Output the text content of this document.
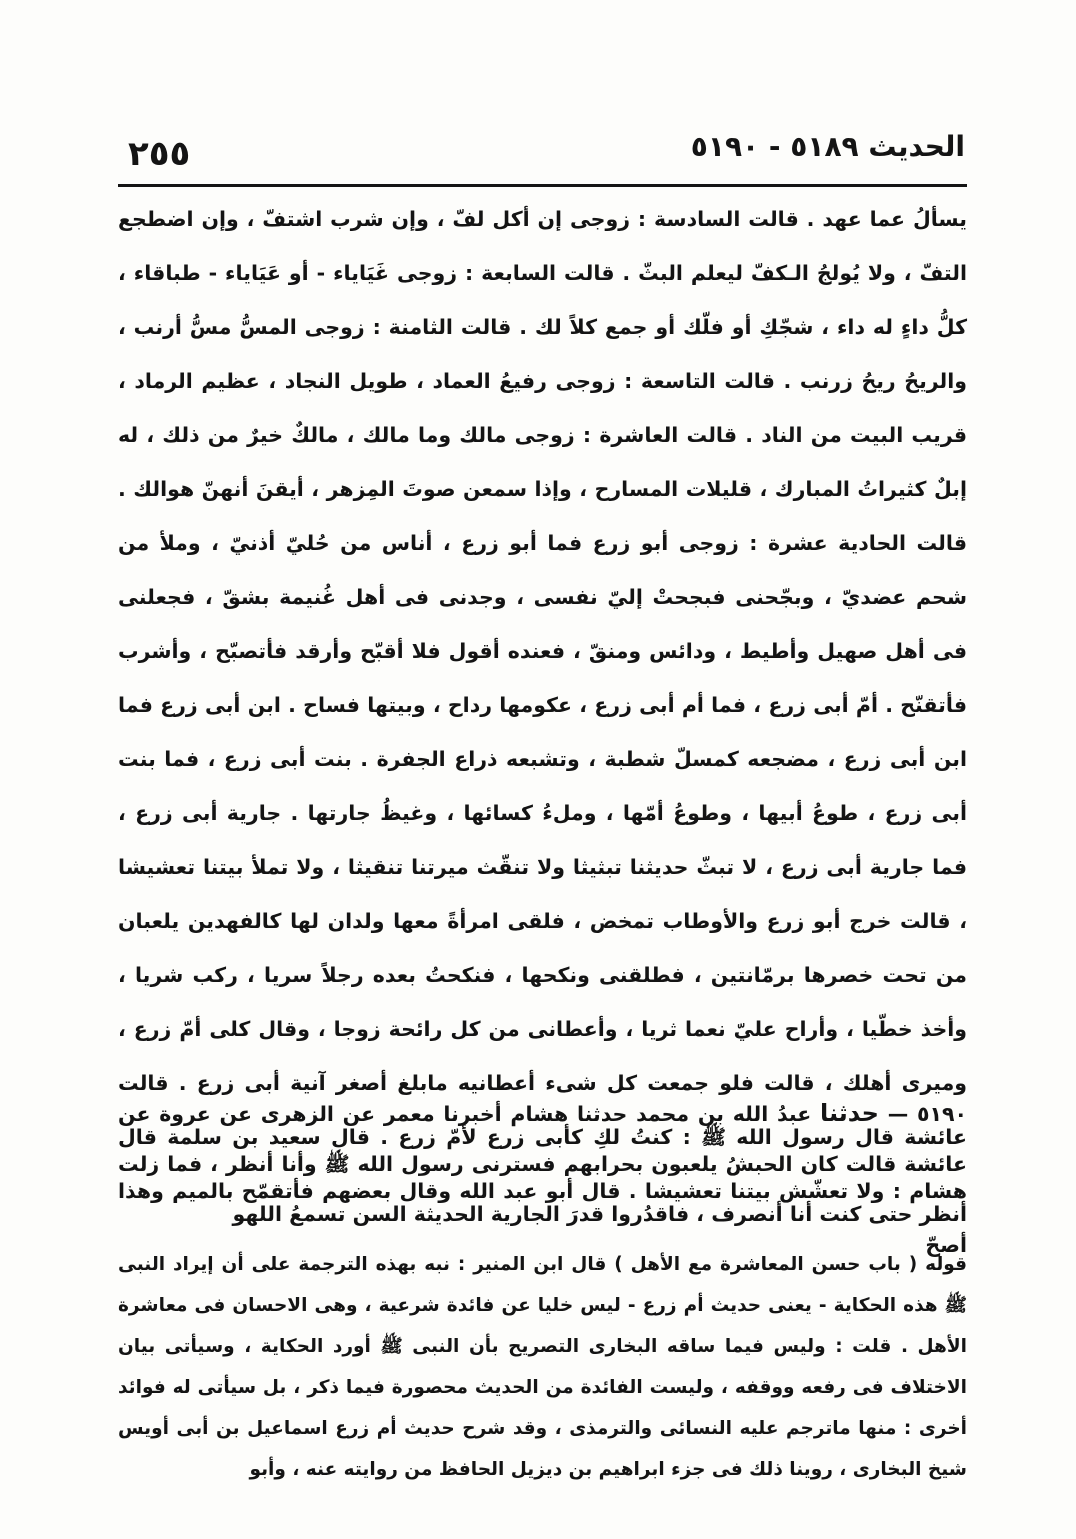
٢٥٥	الحديث ٥١٨٩ - ٥١٩٠

يسألُ عما عهد . قالت السادسة : زوجى إن أكل لفّ ، وإن شرب اشتفّ ، وإن اضطجع التفّ ، ولا يُولجُ الـكفّ ليعلم البثّ . قالت السابعة : زوجى غَيَاياء - أو عَيَاياء - طباقاء ، كلُّ داءٍ له داء ، شجّكِ أو فلّك أو جمع كلاً لك . قالت الثامنة : زوجى المسُّ مسُّ أرنب ، والريحُ ريحُ زرنب . قالت التاسعة : زوجى رفيعُ العماد ، طويل النجاد ، عظيم الرماد ، قريب البيت من الناد . قالت العاشرة : زوجى مالك وما مالك ، مالكٌ خيرٌ من ذلك ، له إبلٌ كثيراتُ المبارك ، قليلات المسارح ، وإذا سمعن صوتَ المِزهر ، أيقنَ أنهنّ هوالك . قالت الحادية عشرة : زوجى أبو زرع فما أبو زرع ، أناس من حُليّ أذنيّ ، وملأ من شحم عضديّ ، وبجّحنى فبجحتْ إليّ نفسى ، وجدنى فى أهل غُنيمة بشقّ ، فجعلنى فى أهل صهيل وأطيط ، ودائس ومنقّ ، فعنده أقول فلا أقبّح وأرقد فأتصبّح ، وأشرب فأتقنّح . أمّ أبى زرع ، فما أم أبى زرع ، عكومها رداح ، وبيتها فساح . ابن أبى زرع فما ابن أبى زرع ، مضجعه كمسلّ شطبة ، وتشبعه ذراع الجفرة . بنت أبى زرع ، فما بنت أبى زرع ، طوعُ أبيها ، وطوعُ أمّها ، وملءُ كسائها ، وغيظُ جارتها . جارية أبى زرع ، فما جارية أبى زرع ، لا تبثّ حديثنا تبثيثا ولا تنقّث ميرتنا تنقيثا ، ولا تملأ بيتنا تعشيشا ، قالت خرج أبو زرع والأوطاب تمخض ، فلقى امرأةً معها ولدان لها كالفهدين يلعبان من تحت خصرها برمّانتين ، فطلقنى ونكحها ، فنكحتُ بعده رجلاً سريا ، ركب شريا ، وأخذ خطّيا ، وأراح عليّ نعما ثريا ، وأعطانى من كل رائحة زوجا ، وقال كلى أمّ زرع ، وميرى أهلك ، قالت فلو جمعت كل شىء أعطانيه مابلغ أصغر آنية أبى زرع . قالت عائشة قال رسول الله ﷺ : كنتُ لكِ كأبى زرع لأمّ زرع . قال سعيد بن سلمة قال هشام : ولا تعشّش بيتنا تعشيشا . قال أبو عبد الله وقال بعضهم فأتقمّح بالميم وهذا أصحّ

٥١٩٠ — حدثنا عبدُ الله بن محمد حدثنا هشام أخبرنا معمر عن الزهرى عن عروة عن عائشة قالت كان الحبشُ يلعبون بحرابهم فسترنى رسول الله ﷺ وأنا أنظر ، فما زلت أنظر حتى كنت أنا أنصرف ، فاقدُروا قدرَ الجارية الحديثة السن تسمعُ اللهو

قوله ( باب حسن المعاشرة مع الأهل ) قال ابن المنير : نبه بهذه الترجمة على أن إيراد النبى ﷺ هذه الحكاية - يعنى حديث أم زرع - ليس خليا عن فائدة شرعية ، وهى الاحسان فى معاشرة الأهل . قلت : وليس فيما ساقه البخارى التصريح بأن النبى ﷺ أورد الحكاية ، وسيأتى بيان الاختلاف فى رفعه ووقفه ، وليست الفائدة من الحديث محصورة فيما ذكر ، بل سيأتى له فوائد أخرى : منها ماترجم عليه النسائى والترمذى ، وقد شرح حديث أم زرع اسماعيل بن أبى أويس شيخ البخارى ، روينا ذلك فى جزء ابراهيم بن ديزيل الحافظ من روايته عنه ، وأبو
